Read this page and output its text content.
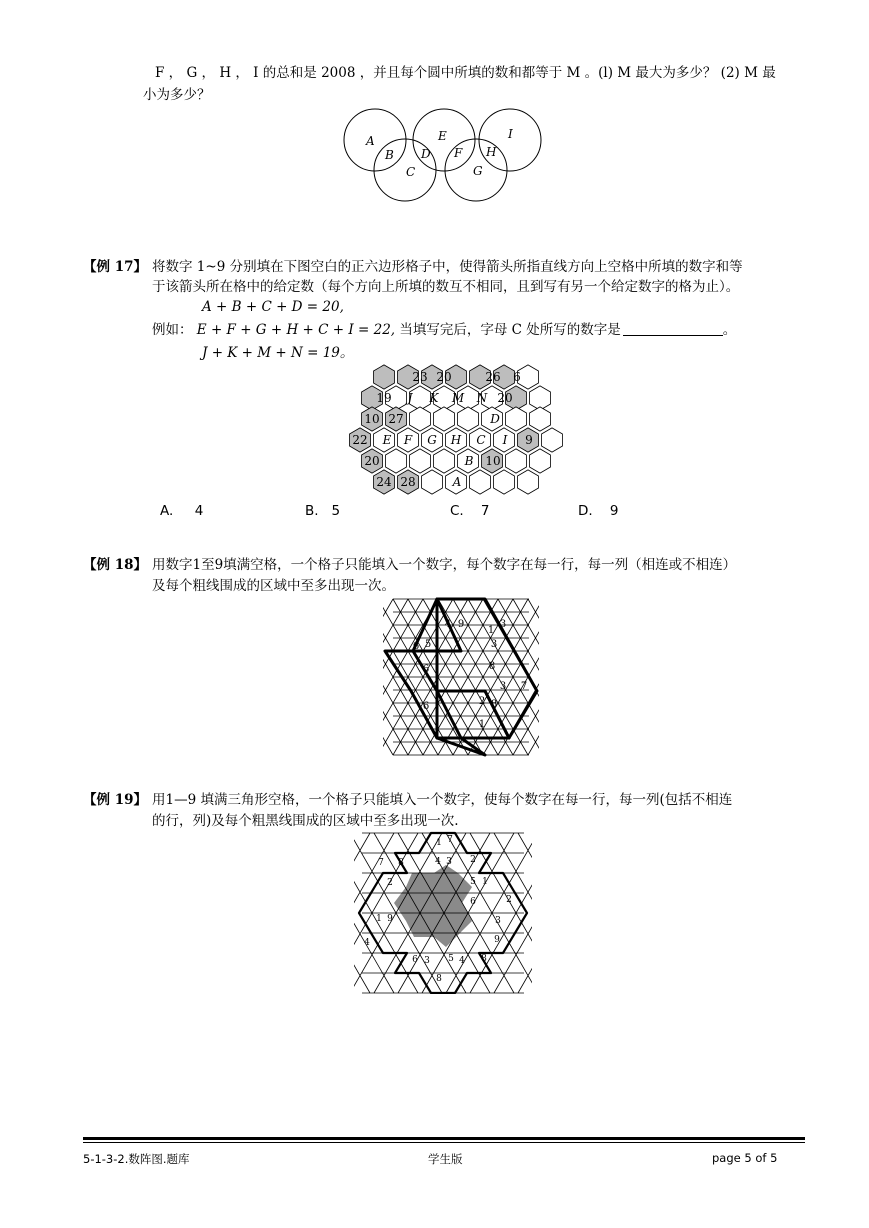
F ， G ， H ， I 的总和是 2008 ，并且每个圆中所填的数和都等于 M 。(l) M 最大为多少？ (2) M 最
小为多少？
A
B
C
D
E
F
G
H
I
【例 17】 将数字 1~9 分别填在下图空白的正六边形格子中，使得箭头所指直线方向上空格中所填的数字和等
于该箭头所在格中的给定数（每个方向上所填的数互不相同，且到写有另一个给定数字的格为止）。
A + B + C + D = 20,
例如： E + F + G + H + C + I = 22, 当填写完后，字母 C 处所写的数字是	。
J + K + M + N = 19。
23 20	26 6
19	20
10 27
22	9
20	10
24 28
J K M N
D
E F G H C I
B
A
A. 4	B. 5	C. 7	D. 9
【例 18】 用数字1至9填满空格，一个格子只能填入一个数字，每个数字在每一行，每一列（相连或不相连）
及每个粗线围成的区域中至多出现一次。
4 9
1
3
6 5	3
6	8
3 7
6	2 8
1
【例 19】 用1—9 填满三角形空格，一个格子只能填入一个数字，使每个数字在每一行，每一列(包括不相连
的行，列)及每个粗黑线围成的区域中至多出现一次.
1 7
7 8	4 3 2
2	5 1
6	2
1 9	3
9
4
6 3 5 4 8
8
5-1-3-2.数阵图.题库	学生版	page 5 of 5
